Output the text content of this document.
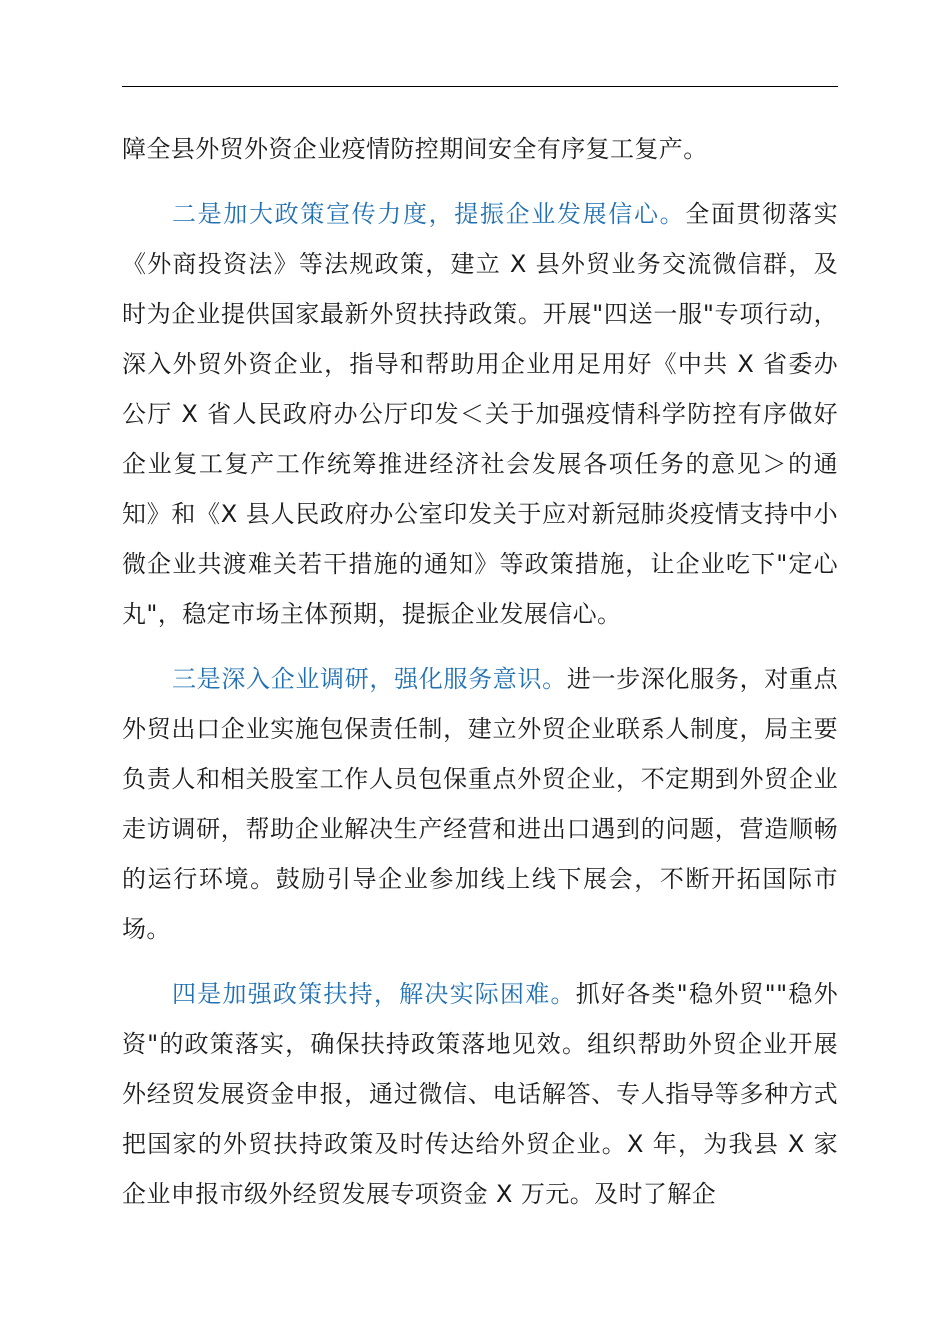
障全县外贸外资企业疫情防控期间安全有序复工复产。

二是加大政策宣传力度，提振企业发展信心。全面贯彻落实《外商投资法》等法规政策，建立 X 县外贸业务交流微信群，及时为企业提供国家最新外贸扶持政策。开展"四送一服"专项行动，深入外贸外资企业，指导和帮助用企业用足用好《中共 X 省委办公厅 X 省人民政府办公厅印发＜关于加强疫情科学防控有序做好企业复工复产工作统筹推进经济社会发展各项任务的意见＞的通知》和《X 县人民政府办公室印发关于应对新冠肺炎疫情支持中小微企业共渡难关若干措施的通知》等政策措施，让企业吃下"定心丸"，稳定市场主体预期，提振企业发展信心。

三是深入企业调研，强化服务意识。进一步深化服务，对重点外贸出口企业实施包保责任制，建立外贸企业联系人制度，局主要负责人和相关股室工作人员包保重点外贸企业，不定期到外贸企业走访调研，帮助企业解决生产经营和进出口遇到的问题，营造顺畅的运行环境。鼓励引导企业参加线上线下展会，不断开拓国际市场。

四是加强政策扶持，解决实际困难。抓好各类"稳外贸""稳外资"的政策落实，确保扶持政策落地见效。组织帮助外贸企业开展外经贸发展资金申报，通过微信、电话解答、专人指导等多种方式把国家的外贸扶持政策及时传达给外贸企业。X 年，为我县 X 家企业申报市级外经贸发展专项资金 X 万元。及时了解企
